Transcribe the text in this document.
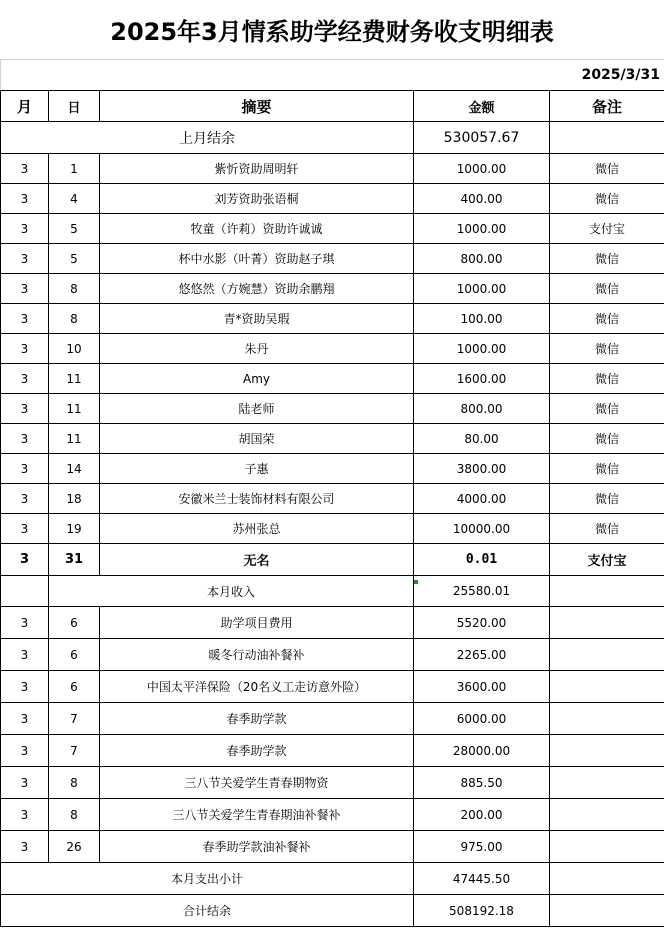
2025年3月情系助学经费财务收支明细表
2025/3/31
月	日	摘要	金额	备注
上月结余			530057.67	
3	1	紫忻资助周明轩	1000.00	微信
3	4	刘芳资助张语桐	400.00	微信
3	5	牧童（许莉）资助许诚诚	1000.00	支付宝
3	5	杯中水影（叶菁）资助赵子琪	800.00	微信
3	8	悠悠然（方婉慧）资助余鹏翔	1000.00	微信
3	8	青*资助吴瑕	100.00	微信
3	10	朱丹	1000.00	微信
3	11	Amy	1600.00	微信
3	11	陆老师	800.00	微信
3	11	胡国荣	80.00	微信
3	14	子惠	3800.00	微信
3	18	安徽米兰士装饰材料有限公司	4000.00	微信
3	19	苏州张总	10000.00	微信
3	31	无名	0.01	支付宝
	本月收入		25580.01	
3	6	助学项目费用	5520.00	
3	6	暖冬行动油补餐补	2265.00	
3	6	中国太平洋保险（20名义工走访意外险）	3600.00	
3	7	春季助学款	6000.00	
3	7	春季助学款	28000.00	
3	8	三八节关爱学生青春期物资	885.50	
3	8	三八节关爱学生青春期油补餐补	200.00	
3	26	春季助学款油补餐补	975.00	
本月支出小计			47445.50	
合计结余			508192.18	
